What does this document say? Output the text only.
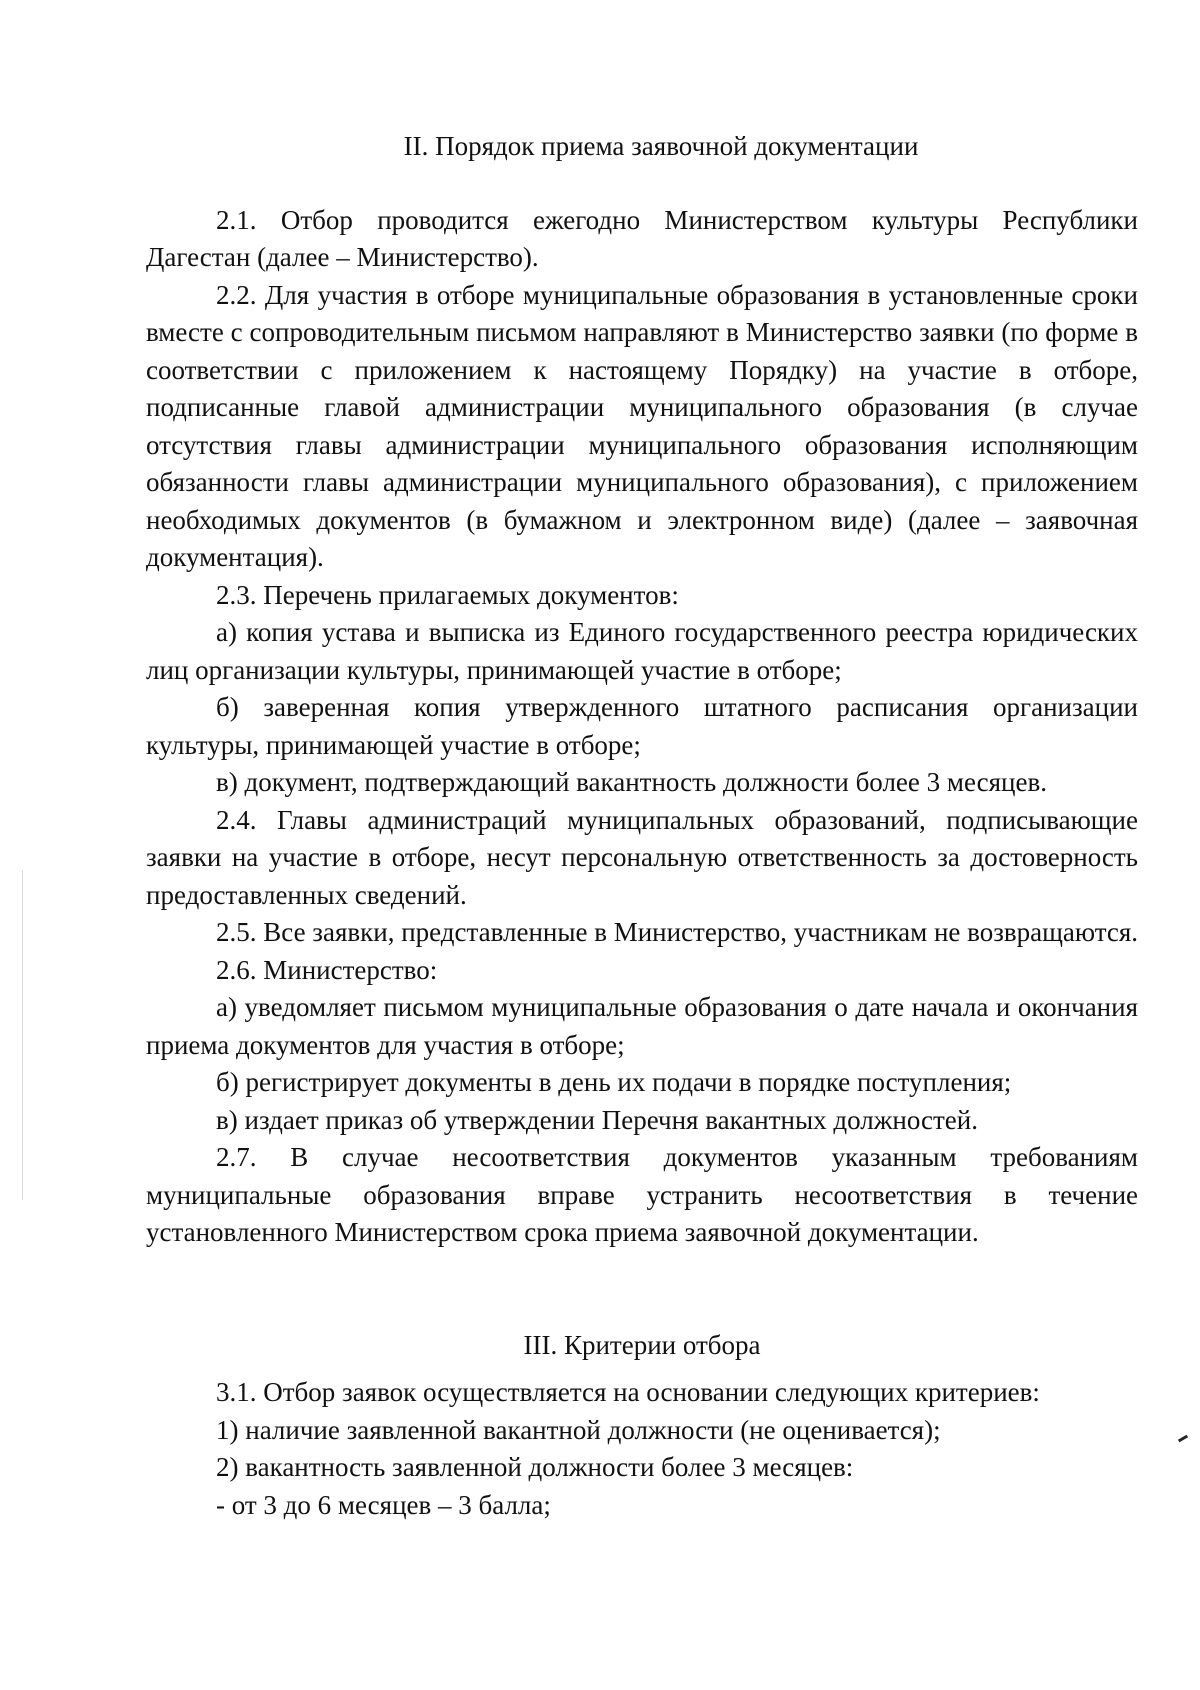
II. Порядок приема заявочной документации

2.1. Отбор проводится ежегодно Министерством культуры Республики Дагестан (далее – Министерство).

2.2. Для участия в отборе муниципальные образования в установленные сроки вместе с сопроводительным письмом направляют в Министерство заявки (по форме в соответствии с приложением к настоящему Порядку) на участие в отборе, подписанные главой администрации муниципального образования (в случае отсутствия главы администрации муниципального образования исполняющим обязанности главы администрации муниципального образования), с приложением необходимых документов (в бумажном и электронном виде) (далее – заявочная документация).

2.3. Перечень прилагаемых документов:

а) копия устава и выписка из Единого государственного реестра юридических лиц организации культуры, принимающей участие в отборе;

б) заверенная копия утвержденного штатного расписания организации культуры, принимающей участие в отборе;

в) документ, подтверждающий вакантность должности более 3 месяцев.

2.4. Главы администраций муниципальных образований, подписывающие заявки на участие в отборе, несут персональную ответственность за достоверность предоставленных сведений.

2.5. Все заявки, представленные в Министерство, участникам не возвращаются.

2.6. Министерство:

а) уведомляет письмом муниципальные образования о дате начала и окончания приема документов для участия в отборе;

б) регистрирует документы в день их подачи в порядке поступления;

в) издает приказ об утверждении Перечня вакантных должностей.

2.7. В случае несоответствия документов указанным требованиям муниципальные образования вправе устранить несоответствия в течение установленного Министерством срока приема заявочной документации.

III. Критерии отбора

3.1. Отбор заявок осуществляется на основании следующих критериев:

1) наличие заявленной вакантной должности (не оценивается);

2) вакантность заявленной должности более 3 месяцев:

- от 3 до 6 месяцев – 3 балла;
